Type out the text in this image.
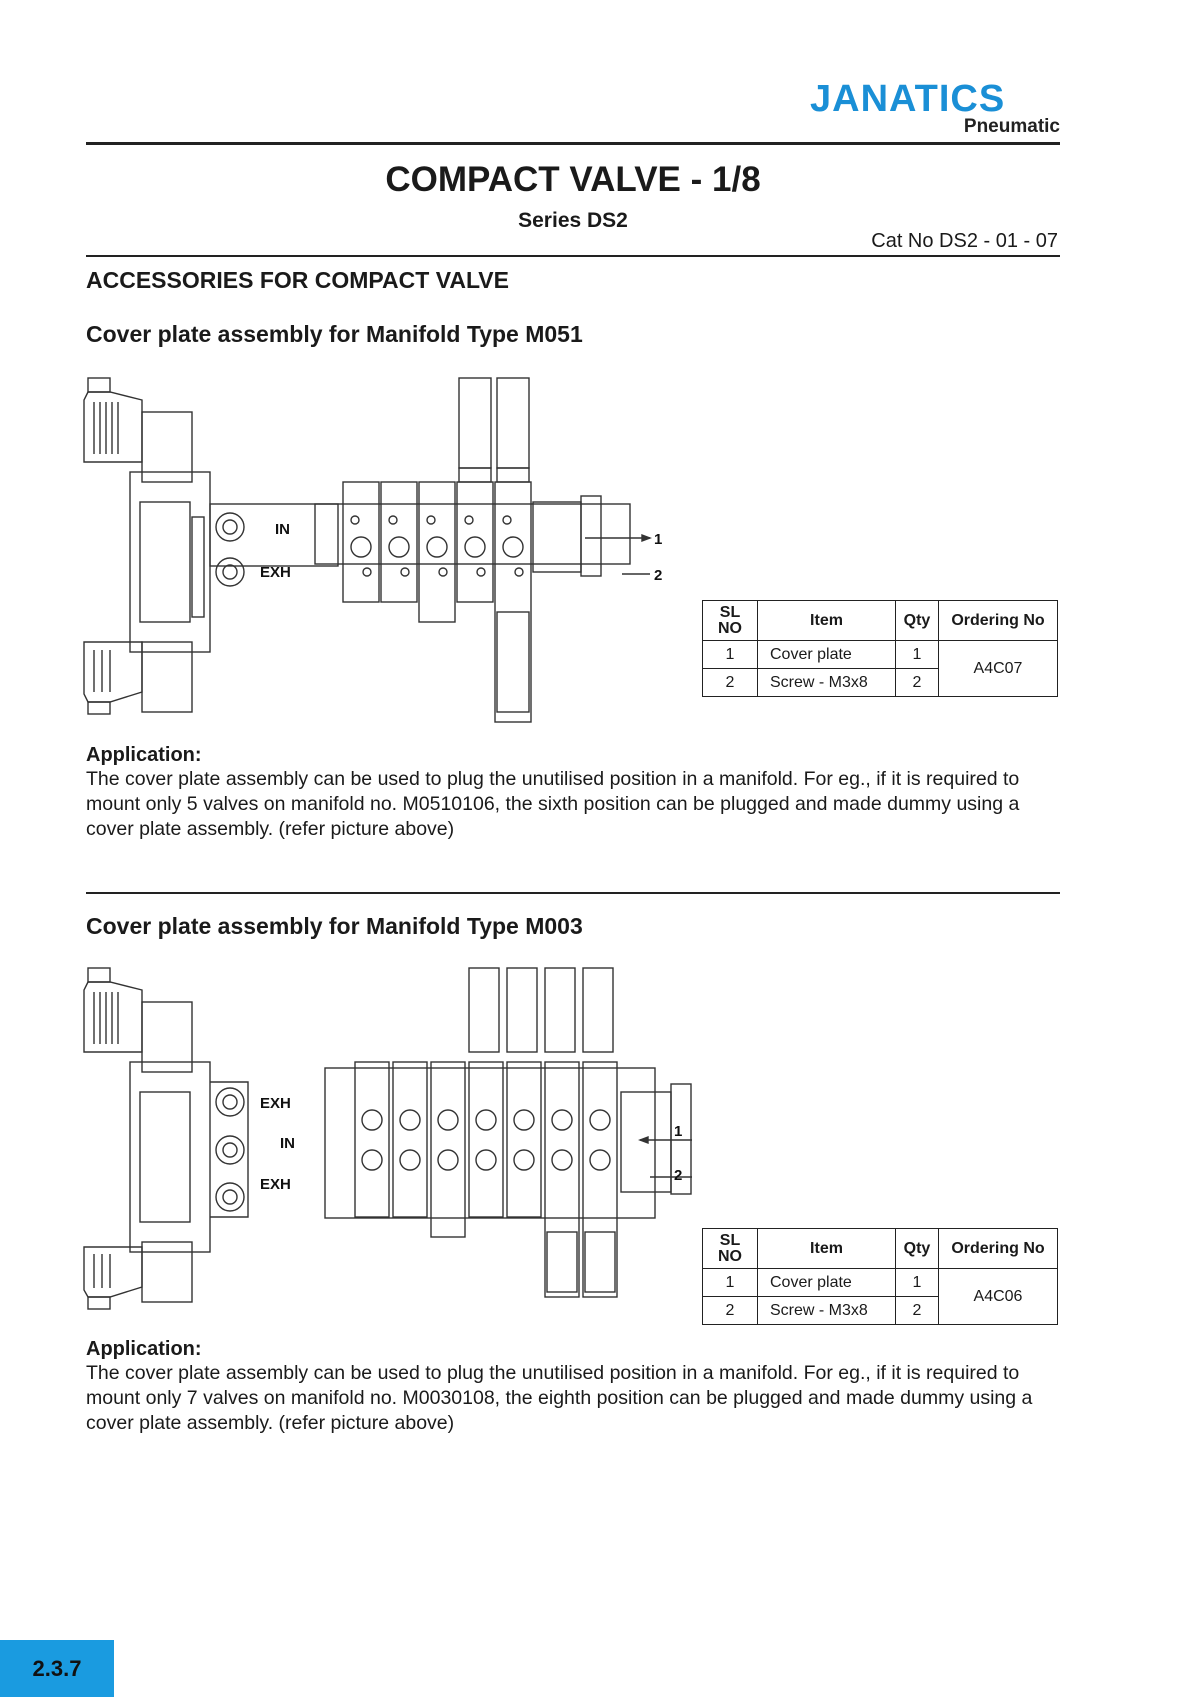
JANATICS
Pneumatic
COMPACT VALVE - 1/8
Series DS2
Cat No DS2 - 01 - 07
ACCESSORIES FOR COMPACT VALVE
Cover plate assembly for Manifold Type M051
IN
EXH
1
2
SL NO	Item	Qty	Ordering No
1	Cover plate	1	A4C07
2	Screw - M3x8	2	
Application:
The cover plate assembly can be used to plug the unutilised position in a manifold. For eg., if it is required to mount only 5 valves on manifold no. M0510106, the sixth position can be plugged and made dummy using a cover plate assembly. (refer picture above)
Cover plate assembly for Manifold Type M003
EXH
IN
EXH
1
2
SL NO	Item	Qty	Ordering No
1	Cover plate	1	A4C06
2	Screw - M3x8	2	
Application:
The cover plate assembly can be used to plug the unutilised position in a manifold. For eg., if it is required to mount only 7 valves on manifold no. M0030108, the eighth position can be plugged and made dummy using a cover plate assembly. (refer picture above)
2.3.7
